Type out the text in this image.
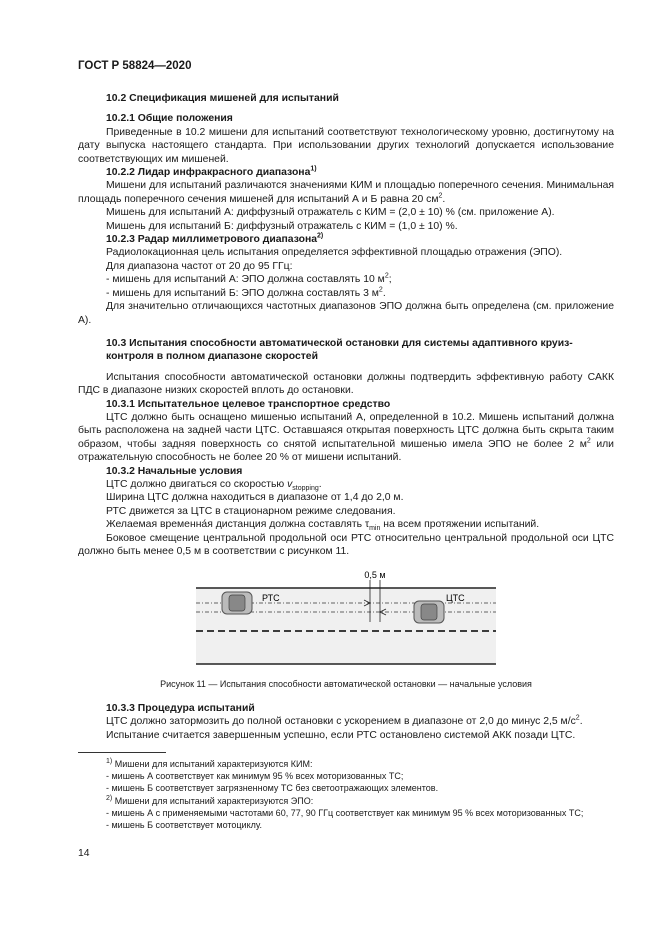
ГОСТ Р 58824—2020
10.2 Спецификация мишеней для испытаний
10.2.1 Общие положения

Приведенные в 10.2 мишени для испытаний соответствуют технологическому уровню, достигнутому на дату выпуска настоящего стандарта. При использовании других технологий допускается использование соответствующих им мишеней.

10.2.2 Лидар инфракрасного диапазона$^{1)}$

Мишени для испытаний различаются значениями КИМ и площадью поперечного сечения. Минимальная площадь поперечного сечения мишеней для испытаний А и Б равна 20 $см^2$.

Мишень для испытаний А: диффузный отражатель с КИМ = (2,0 ± 10) % (см. приложение А).

Мишень для испытаний Б: диффузный отражатель с КИМ = (1,0 ± 10) %.

10.2.3 Радар миллиметрового диапазона$^{2)}$

Радиолокационная цель испытания определяется эффективной площадью отражения (ЭПО).

Для диапазона частот от 20 до 95 ГГц:

- мишень для испытаний А: ЭПО должна составлять 10 $м^2$;

- мишень для испытаний Б: ЭПО должна составлять 3 $м^2$.

Для значительно отличающихся частотных диапазонов ЭПО должна быть определена (см. приложение А).

10.3 Испытания способности автоматической остановки для системы адаптивного круиз-контроля в полном диапазоне скоростей

Испытания способности автоматической остановки должны подтвердить эффективную работу САКК ПДС в диапазоне низких скоростей вплоть до остановки.

10.3.1 Испытательное целевое транспортное средство

ЦТС должно быть оснащено мишенью испытаний А, определенной в 10.2. Мишень испытаний должна быть расположена на задней части ЦТС. Оставшаяся открытая поверхность ЦТС должна быть скрыта таким образом, чтобы задняя поверхность со снятой испытательной мишенью имела ЭПО не более 2 $м^2$ или отражательную способность не более 20 % от мишени испытаний.

10.3.2 Начальные условия

ЦТС должно двигаться со скоростью $v_{stopping}$.

Ширина ЦТС должна находиться в диапазоне от 1,4 до 2,0 м.

РТС движется за ЦТС в стационарном режиме следования.

Желаемая временна́я дистанция должна составлять $\tau_{min}$ на всем протяжении испытаний.

Боковое смещение центральной продольной оси РТС относительно центральной продольной оси ЦТС должно быть менее 0,5 м в соответствии с рисунком 11.

0,5 м
РТС	ЦТС
Рисунок 11 — Испытания способности автоматической остановки — начальные условия
10.3.3 Процедура испытаний

ЦТС должно затормозить до полной остановки с ускорением в диапазоне от 2,0 до минус 2,5 $м/с^2$.

Испытание считается завершенным успешно, если РТС остановлено системой АКК позади ЦТС.

$^{1)}$ Мишени для испытаний характеризуются КИМ:

- мишень А соответствует как минимум 95 % всех моторизованных ТС;

- мишень Б соответствует загрязненному ТС без светоотражающих элементов.

$^{2)}$ Мишени для испытаний характеризуются ЭПО:

- мишень А с применяемыми частотами 60, 77, 90 ГГц соответствует как минимум 95 % всех моторизованных ТС;

- мишень Б соответствует мотоциклу.

14
